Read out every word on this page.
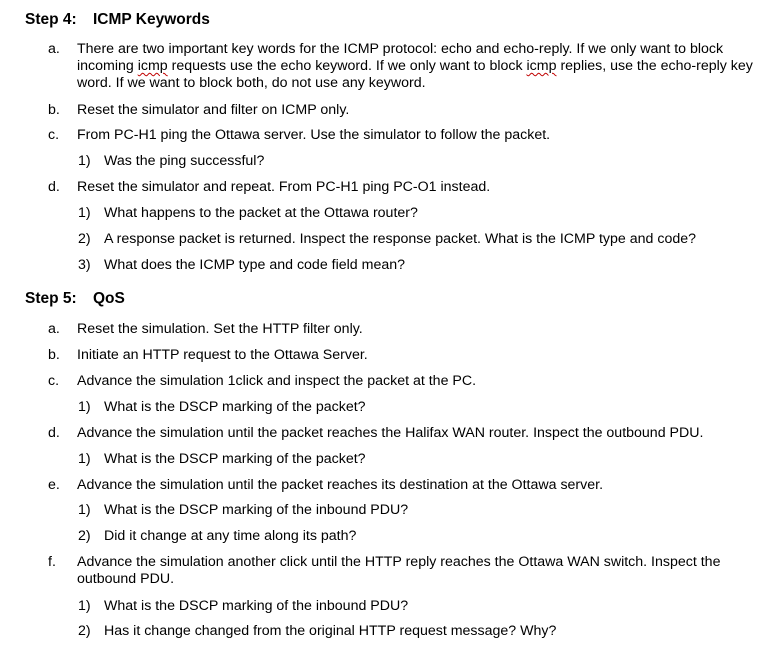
Step 4: ICMP Keywords
a.	There are two important key words for the ICMP protocol: echo and echo-reply. If we only want to block incoming icmp requests use the echo keyword. If we only want to block icmp replies, use the echo-reply key word. If we want to block both, do not use any keyword.
b.	Reset the simulator and filter on ICMP only.
c.	From PC-H1 ping the Ottawa server. Use the simulator to follow the packet.
1) Was the ping successful?
d.	Reset the simulator and repeat. From PC-H1 ping PC-O1 instead.
1) What happens to the packet at the Ottawa router?
2) A response packet is returned. Inspect the response packet. What is the ICMP type and code?
3) What does the ICMP type and code field mean?
Step 5: QoS
a.	Reset the simulation. Set the HTTP filter only.
b.	Initiate an HTTP request to the Ottawa Server.
c.	Advance the simulation 1click and inspect the packet at the PC.
1) What is the DSCP marking of the packet?
d.	Advance the simulation until the packet reaches the Halifax WAN router. Inspect the outbound PDU.
1) What is the DSCP marking of the packet?
e.	Advance the simulation until the packet reaches its destination at the Ottawa server.
1) What is the DSCP marking of the inbound PDU?
2) Did it change at any time along its path?
f.	Advance the simulation another click until the HTTP reply reaches the Ottawa WAN switch. Inspect the outbound PDU.
1) What is the DSCP marking of the inbound PDU?
2) Has it change changed from the original HTTP request message? Why?
